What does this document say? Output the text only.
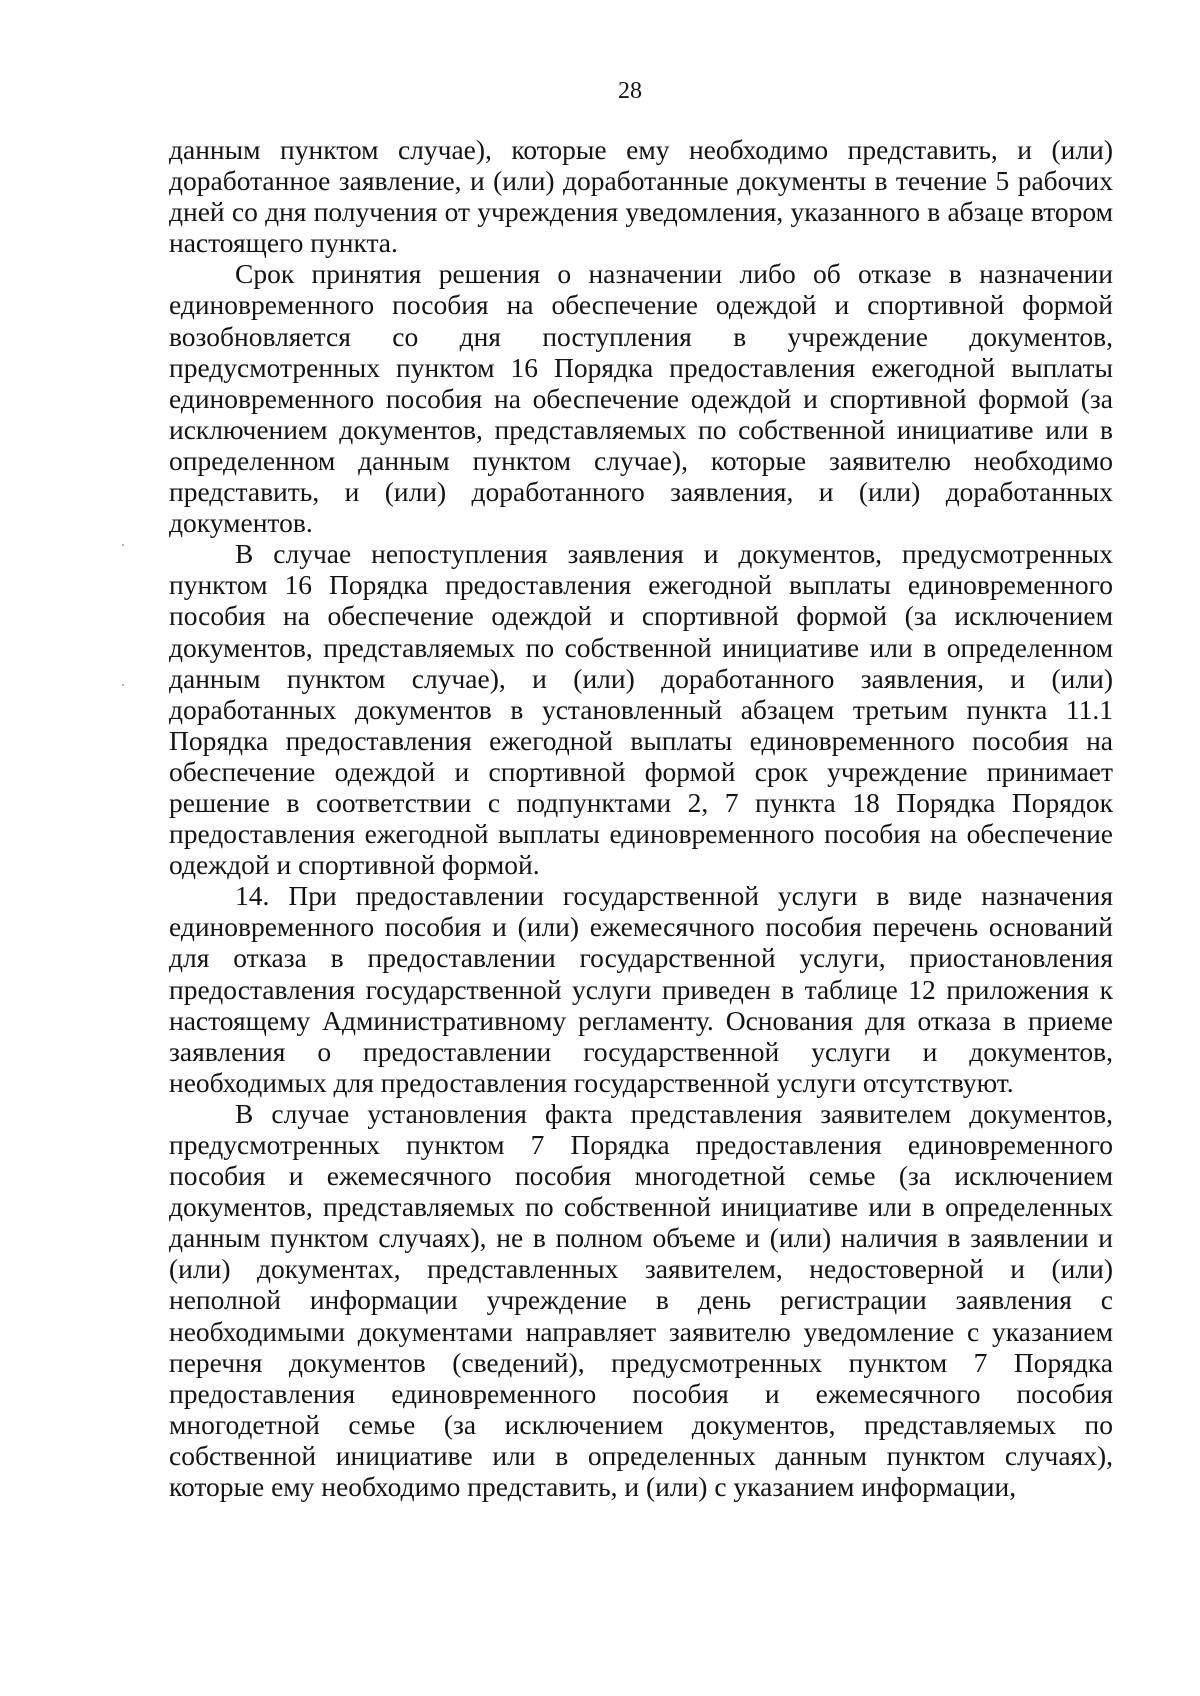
28

данным пунктом случае), которые ему необходимо представить, и (или) доработанное заявление, и (или) доработанные документы в течение 5 рабочих дней со дня получения от учреждения уведомления, указанного в абзаце втором настоящего пункта.

Срок принятия решения о назначении либо об отказе в назначении единовременного пособия на обеспечение одеждой и спортивной формой возобновляется со дня поступления в учреждение документов, предусмотренных пунктом 16 Порядка предоставления ежегодной выплаты единовременного пособия на обеспечение одеждой и спортивной формой (за исключением документов, представляемых по собственной инициативе или в определенном данным пунктом случае), которые заявителю необходимо представить, и (или) доработанного заявления, и (или) доработанных документов.

В случае непоступления заявления и документов, предусмотренных пунктом 16 Порядка предоставления ежегодной выплаты единовременного пособия на обеспечение одеждой и спортивной формой (за исключением документов, представляемых по собственной инициативе или в определенном данным пунктом случае), и (или) доработанного заявления, и (или) доработанных документов в установленный абзацем третьим пункта 11.1 Порядка предоставления ежегодной выплаты единовременного пособия на обеспечение одеждой и спортивной формой срок учреждение принимает решение в соответствии с подпунктами 2, 7 пункта 18 Порядка Порядок предоставления ежегодной выплаты единовременного пособия на обеспечение одеждой и спортивной формой.

14. При предоставлении государственной услуги в виде назначения единовременного пособия и (или) ежемесячного пособия перечень оснований для отказа в предоставлении государственной услуги, приостановления предоставления государственной услуги приведен в таблице 12 приложения к настоящему Административному регламенту. Основания для отказа в приеме заявления о предоставлении государственной услуги и документов, необходимых для предоставления государственной услуги отсутствуют.

В случае установления факта представления заявителем документов, предусмотренных пунктом 7 Порядка предоставления единовременного пособия и ежемесячного пособия многодетной семье (за исключением документов, представляемых по собственной инициативе или в определенных данным пунктом случаях), не в полном объеме и (или) наличия в заявлении и (или) документах, представленных заявителем, недостоверной и (или) неполной информации учреждение в день регистрации заявления с необходимыми документами направляет заявителю уведомление с указанием перечня документов (сведений), предусмотренных пунктом 7 Порядка предоставления единовременного пособия и ежемесячного пособия многодетной семье (за исключением документов, представляемых по собственной инициативе или в определенных данным пунктом случаях), которые ему необходимо представить, и (или) с указанием информации,
